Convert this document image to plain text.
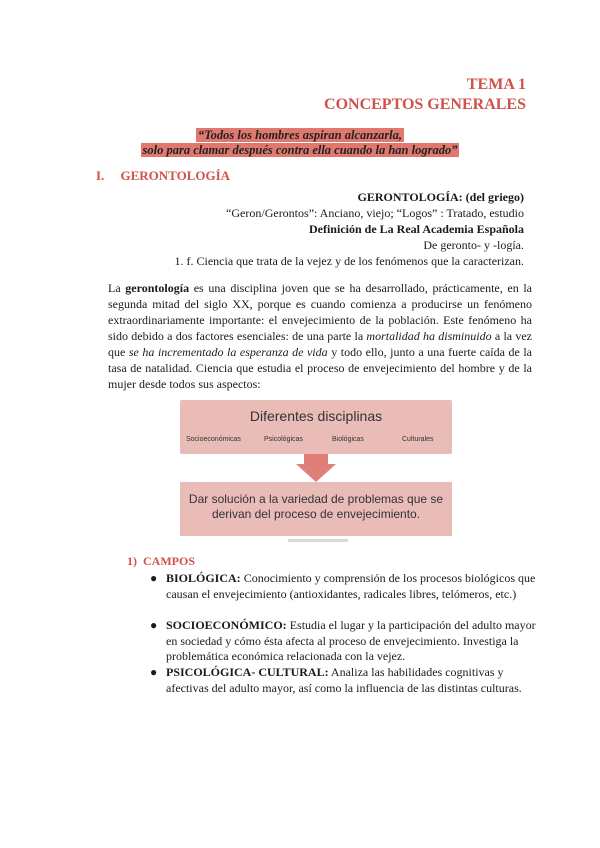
TEMA 1
CONCEPTOS GENERALES
“Todos los hombres aspiran alcanzarla,
solo para clamar después contra ella cuando la han logrado”
I. GERONTOLOGÍA
GERONTOLOGÍA: (del griego)
“Geron/Gerontos”: Anciano, viejo; “Logos” : Tratado, estudio
Definición de La Real Academia Española
De geronto- y -logía.
1. f. Ciencia que trata de la vejez y de los fenómenos que la caracterizan.
La gerontología es una disciplina joven que se ha desarrollado, prácticamente, en la segunda mitad del siglo XX, porque es cuando comienza a producirse un fenómeno extraordinariamente importante: el envejecimiento de la población. Este fenómeno ha sido debido a dos factores esenciales: de una parte la mortalidad ha disminuido a la vez que se ha incrementado la esperanza de vida y todo ello, junto a una fuerte caída de la tasa de natalidad. Ciencia que estudia el proceso de envejecimiento del hombre y de la mujer desde todos sus aspectos:
Diferentes disciplinas
Socioeconómicas	Psicológicas	Biológicas	Culturales
Dar solución a la variedad de problemas que se derivan del proceso de envejecimiento.
1) CAMPOS
● BIOLÓGICA: Conocimiento y comprensión de los procesos biológicos que causan el envejecimiento (antioxidantes, radicales libres, telómeros, etc.)
● SOCIOECONÓMICO: Estudia el lugar y la participación del adulto mayor en sociedad y cómo ésta afecta al proceso de envejecimiento. Investiga la problemática económica relacionada con la vejez.
● PSICOLÓGICA- CULTURAL: Analiza las habilidades cognitivas y afectivas del adulto mayor, así como la influencia de las distintas culturas.
